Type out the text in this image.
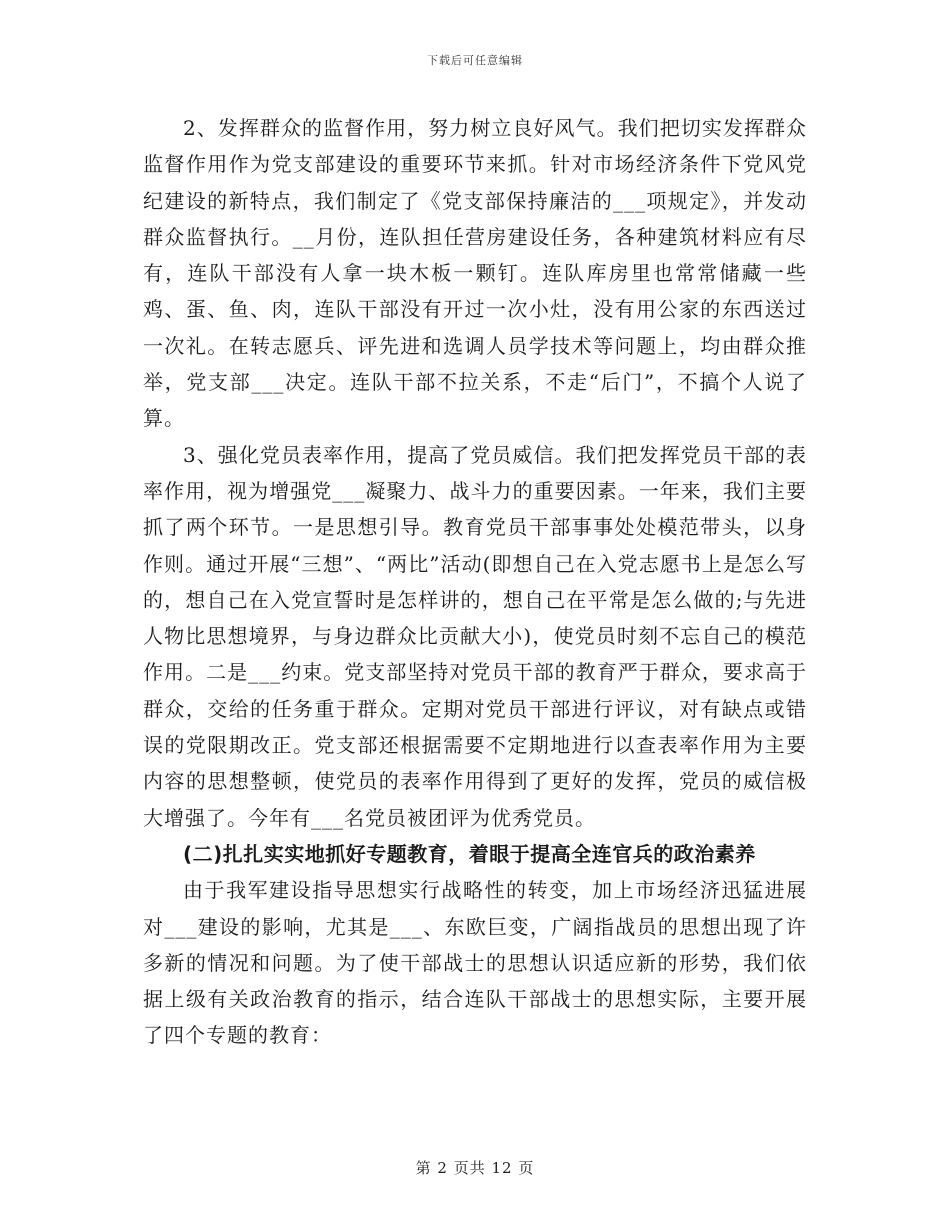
下载后可任意编辑

2、发挥群众的监督作用，努力树立良好风气。我们把切实发挥群众监督作用作为党支部建设的重要环节来抓。针对市场经济条件下党风党纪建设的新特点，我们制定了《党支部保持廉洁的___项规定》，并发动群众监督执行。__月份，连队担任营房建设任务，各种建筑材料应有尽有，连队干部没有人拿一块木板一颗钉。连队库房里也常常储藏一些鸡、蛋、鱼、肉，连队干部没有开过一次小灶，没有用公家的东西送过一次礼。在转志愿兵、评先进和选调人员学技术等问题上，均由群众推举，党支部___决定。连队干部不拉关系，不走“后门”，不搞个人说了算。

3、强化党员表率作用，提高了党员威信。我们把发挥党员干部的表率作用，视为增强党___凝聚力、战斗力的重要因素。一年来，我们主要抓了两个环节。一是思想引导。教育党员干部事事处处模范带头，以身作则。通过开展“三想”、“两比”活动(即想自己在入党志愿书上是怎么写的，想自己在入党宣誓时是怎样讲的，想自己在平常是怎么做的;与先进人物比思想境界，与身边群众比贡献大小)，使党员时刻不忘自己的模范作用。二是___约束。党支部坚持对党员干部的教育严于群众，要求高于群众，交给的任务重于群众。定期对党员干部进行评议，对有缺点或错误的党限期改正。党支部还根据需要不定期地进行以查表率作用为主要内容的思想整顿，使党员的表率作用得到了更好的发挥，党员的威信极大增强了。今年有___名党员被团评为优秀党员。

(二)扎扎实实地抓好专题教育，着眼于提高全连官兵的政治素养

由于我军建设指导思想实行战略性的转变，加上市场经济迅猛进展对___建设的影响，尤其是___、东欧巨变，广阔指战员的思想出现了许多新的情况和问题。为了使干部战士的思想认识适应新的形势，我们依据上级有关政治教育的指示，结合连队干部战士的思想实际，主要开展了四个专题的教育：

第 2 页共 12 页
